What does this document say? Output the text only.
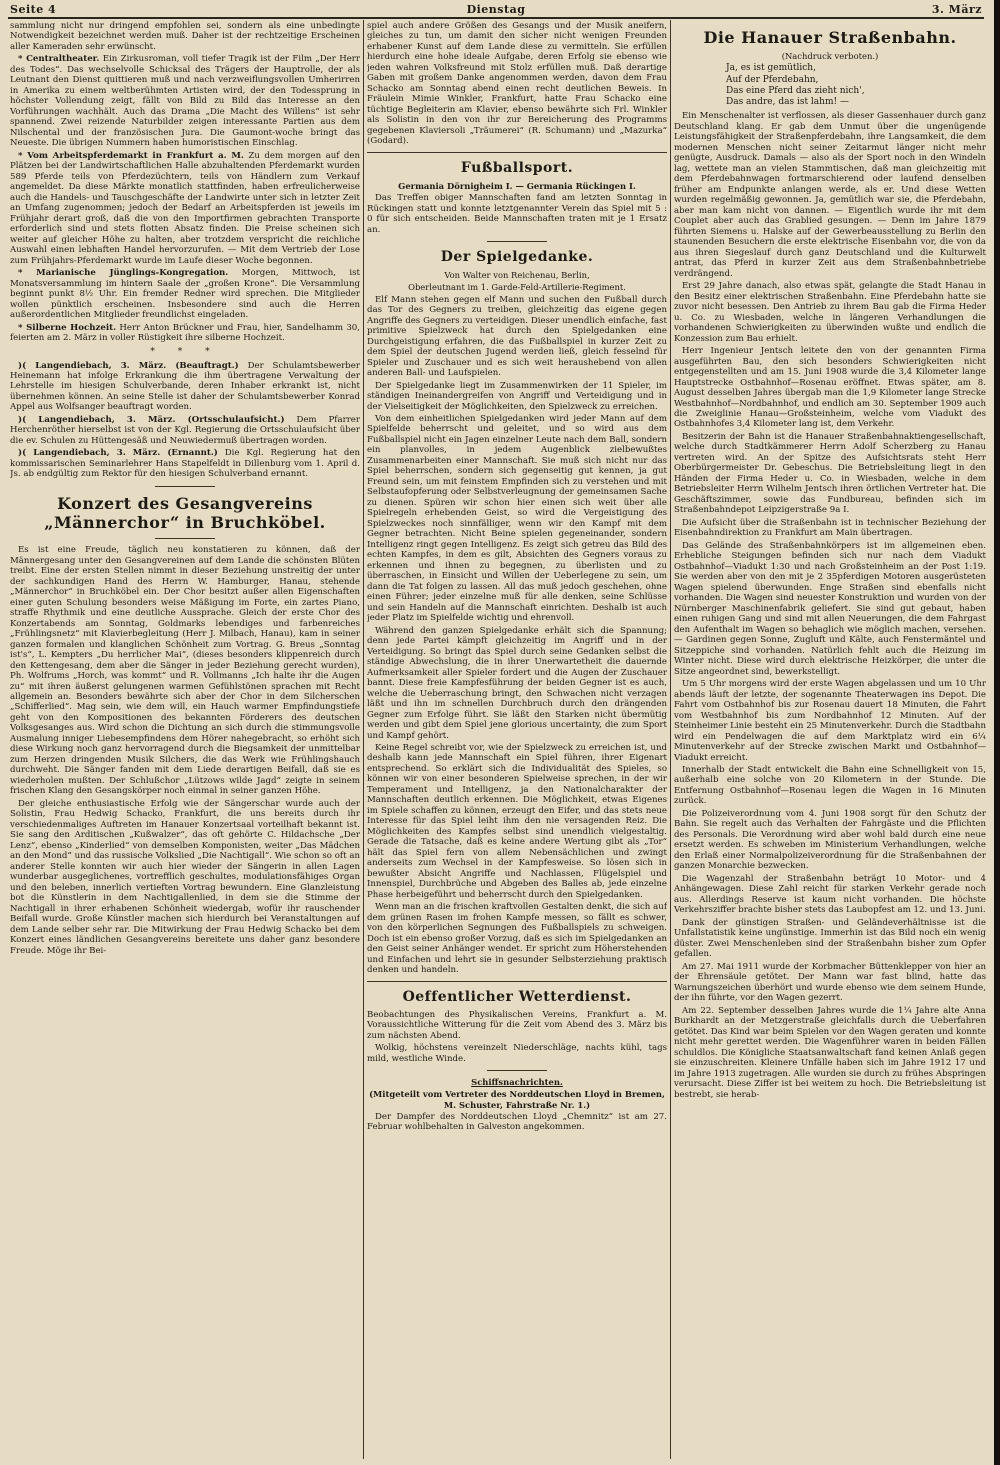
Seite 4	Dienstag	3. März

sammlung nicht nur dringend empfohlen sei, sondern als eine unbedingte Notwendigkeit bezeichnet werden muß. Daher ist der rechtzeitige Erscheinen aller Kameraden sehr erwünscht.

* Centraltheater. Ein Zirkusroman, voll tiefer Tragik ist der Film „Der Herr des Todes“. Das wechselvolle Schicksal des Trägers der Hauptrolle, der als Leutnant den Dienst quittieren muß und nach verzweiflungsvollen Umherirren in Amerika zu einem weltberühmten Artisten wird, der den Todessprung in höchster Vollendung zeigt, fällt von Bild zu Bild das Interesse an den Vorführungen wachhält. Auch das Drama „Die Macht des Willens“ ist sehr spannend. Zwei reizende Naturbilder zeigen interessante Partien aus dem Nilschental und der französischen Jura. Die Gaumont-woche bringt das Neueste. Die übrigen Nummern haben humoristischen Einschlag.

* Vom Arbeitspferdemarkt in Frankfurt a. M. Zu dem morgen auf den Plätzen bei der Landwirtschaftlichen Halle abzuhaltenden Pferdemarkt wurden 589 Pferde teils von Pferdezüchtern, teils von Händlern zum Verkauf angemeldet. Da diese Märkte monatlich stattfinden, haben erfreulicherweise auch die Handels- und Tauschgeschäfte der Landwirte unter sich in letzter Zeit an Umfang zugenommen; jedoch der Bedarf an Arbeitspferden ist jeweils im Frühjahr derart groß, daß die von den Importfirmen gebrachten Transporte erforderlich sind und stets flotten Absatz finden. Die Preise scheinen sich weiter auf gleicher Höhe zu halten, aber trotzdem verspricht die reichliche Auswahl einen lebhaften Handel hervorzurufen. — Mit dem Vertrieb der Lose zum Frühjahrs-Pferdemarkt wurde im Laufe dieser Woche begonnen.

* Marianische Jünglings-Kongregation. Morgen, Mittwoch, ist Monatsversammlung im hintern Saale der „großen Krone“. Die Versammlung beginnt punkt 8½ Uhr. Ein fremder Redner wird sprechen. Die Mitglieder wollen pünktlich erscheinen. Insbesondere sind auch die Herren außerordentlichen Mitglieder freundlichst eingeladen.

* Silberne Hochzeit. Herr Anton Brückner und Frau, hier, Sandelhamm 30, feierten am 2. März in voller Rüstigkeit ihre silberne Hochzeit.

* * *

)( Langendiebach, 3. März. (Beauftragt.) Der Schulamtsbewerber Heinemann hat infolge Erkrankung die ihm übertragene Verwaltung der Lehrstelle im hiesigen Schulverbande, deren Inhaber erkrankt ist, nicht übernehmen können. An seine Stelle ist daher der Schulamtsbewerber Konrad Appel aus Wolfsanger beauftragt worden.

)( Langendiebach, 3. März. (Ortsschulaufsicht.) Dem Pfarrer Herchenröther hierselbst ist von der Kgl. Regierung die Ortsschulaufsicht über die ev. Schulen zu Hüttengesäß und Neuwiedermuß übertragen worden.

)( Langendiebach, 3. März. (Ernannt.) Die Kgl. Regierung hat den kommissarischen Seminarlehrer Hans Stapelfeldt in Dillenburg vom 1. April d. Js. ab endgültig zum Rektor für den hiesigen Schulverband ernannt.

Konzert des Gesangvereins „Männerchor“ in Bruchköbel.

Es ist eine Freude, täglich neu konstatieren zu können, daß der Männergesang unter den Gesangvereinen auf dem Lande die schönsten Blüten treibt. Eine der ersten Stellen nimmt in dieser Beziehung unstreitig der unter der sachkundigen Hand des Herrn W. Hamburger, Hanau, stehende „Männerchor“ in Bruchköbel ein. Der Chor besitzt außer allen Eigenschaften einer guten Schulung besonders weise Mäßigung im Forte, ein zartes Piano, straffe Rhythmik und eine deutliche Aussprache. Gleich der erste Chor des Konzertabends am Sonntag, Goldmarks lebendiges und farbenreiches „Frühlingsnetz“ mit Klavierbegleitung (Herr J. Milbach, Hanau), kam in seiner ganzen formalen und klanglichen Schönheit zum Vortrag. G. Breus „Sonntag ist's“, L. Kempters „Du herrlicher Mai“, (dieses besonders klippenreich durch den Kettengesang, dem aber die Sänger in jeder Beziehung gerecht wurden), Ph. Wolfrums „Horch, was kommt“ und R. Vollmanns „Ich halte ihr die Augen zu“ mit ihren äußerst gelungenen warmen Gefühlstönen sprachen mit Recht allgemein an. Besonders bewährte sich aber der Chor in dem Silcherschen „Schifferlied“. Mag sein, wie dem will, ein Hauch warmer Empfindungstiefe geht von den Kompositionen des bekannten Förderers des deutschen Volksgesanges aus. Wird schon die Dichtung an sich durch die stimmungsvolle Ausmalung inniger Liebesempfindens dem Hörer nahegebracht, so erhöht sich diese Wirkung noch ganz hervorragend durch die Biegsamkeit der unmittelbar zum Herzen dringenden Musik Silchers, die das Werk wie Frühlingshauch durchweht. Die Sänger fanden mit dem Liede derartigen Beifall, daß sie es wiederholen mußten. Der Schlußchor „Lützows wilde Jagd“ zeigte in seinem frischen Klang den Gesangskörper noch einmal in seiner ganzen Höhe.

Der gleiche enthusiastische Erfolg wie der Sängerschar wurde auch der Solistin, Frau Hedwig Schacko, Frankfurt, die uns bereits durch ihr verschiedenmaliges Auftreten im Hanauer Konzertsaal vorteilhaft bekannt ist. Sie sang den Arditischen „Kußwalzer“, das oft gehörte C. Hildachsche „Der Lenz“, ebenso „Kinderlied“ von demselben Komponisten, weiter „Das Mädchen an den Mond“ und das russische Volkslied „Die Nachtigall“. Wie schon so oft an anderer Stelle konnten wir auch hier wieder der Sängerin in allen Lagen wunderbar ausgeglichenes, vortrefflich geschultes, modulationsfähiges Organ und den beleben, innerlich vertieften Vortrag bewundern. Eine Glanzleistung bot die Künstlerin in dem Nachtigallenlied, in dem sie die Stimme der Nachtigall in ihrer erhabenen Schönheit wiedergab, wofür ihr rauschender Beifall wurde. Große Künstler machen sich hierdurch bei Veranstaltungen auf dem Lande selber sehr rar. Die Mitwirkung der Frau Hedwig Schacko bei dem Konzert eines ländlichen Gesangvereins bereitete uns daher ganz besondere Freude. Möge ihr Bei-

spiel auch andere Größen des Gesangs und der Musik aneifern, gleiches zu tun, um damit den sicher nicht wenigen Freunden erhabener Kunst auf dem Lande diese zu vermitteln. Sie erfüllen hierdurch eine hohe ideale Aufgabe, deren Erfolg sie ebenso wie jeden wahren Volksfreund mit Stolz erfüllen muß. Daß derartige Gaben mit großem Danke angenommen werden, davon dem Frau Schacko am Sonntag abend einen recht deutlichen Beweis. In Fräulein Mimie Winkler, Frankfurt, hatte Frau Schacko eine tüchtige Begleiterin am Klavier, ebenso bewährte sich Frl. Winkler als Solistin in den von ihr zur Bereicherung des Programms gegebenen Klaviersoli „Träumerei“ (R. Schumann) und „Mazurka“ (Godard).

Fußballsport.
Germania Dörnigheim I. — Germania Rückingen I.

Das Treffen obiger Mannschaften fand am letzten Sonntag in Rückingen statt und konnte letztgenannter Verein das Spiel mit 5 : 0 für sich entscheiden. Beide Mannschaften traten mit je 1 Ersatz an.

Der Spielgedanke.
Von Walter von Reichenau, Berlin,
Oberleutnant im 1. Garde-Feld-Artillerie-Regiment.

Elf Mann stehen gegen elf Mann und suchen den Fußball durch das Tor des Gegners zu treiben, gleichzeitig das eigene gegen Angriffe des Gegners zu verteidigen. Dieser unendlich einfache, fast primitive Spielzweck hat durch den Spielgedanken eine Durchgeistigung erfahren, die das Fußballspiel in kurzer Zeit zu dem Spiel der deutschen Jugend werden ließ, gleich fesselnd für Spieler und Zuschauer und es sich weit heraushebend von allen anderen Ball- und Laufspielen.

Der Spielgedanke liegt im Zusammenwirken der 11 Spieler, im ständigen Ineinandergreifen von Angriff und Verteidigung und in der Vielseitigkeit der Möglichkeiten, den Spielzweck zu erreichen.

Von dem einheitlichen Spielgedanken wird jeder Mann auf dem Spielfelde beherrscht und geleitet, und so wird aus dem Fußballspiel nicht ein Jagen einzelner Leute nach dem Ball, sondern ein planvolles, in jedem Augenblick zielbewußtes Zusammenarbeiten einer Mannschaft. Sie muß sich nicht nur das Spiel beherrschen, sondern sich gegenseitig gut kennen, ja gut Freund sein, um mit feinstem Empfinden sich zu verstehen und mit Selbstaufopferung oder Selbstverleugnung der gemeinsamen Sache zu dienen. Spüren wir schon hier einen sich weit über alle Spielregeln erhebenden Geist, so wird die Vergeistigung des Spielzweckes noch sinnfälliger, wenn wir den Kampf mit dem Gegner betrachten. Nicht Beine spielen gegeneinander, sondern Intelligenz ringt gegen Intelligenz. Es zeigt sich getreu das Bild des echten Kampfes, in dem es gilt, Absichten des Gegners voraus zu erkennen und ihnen zu begegnen, zu überlisten und zu überraschen, in Einsicht und Willen der Ueberlegene zu sein, um dann die Tat folgen zu lassen. All das muß jedoch geschehen, ohne einen Führer; jeder einzelne muß für alle denken, seine Schlüsse und sein Handeln auf die Mannschaft einrichten. Deshalb ist auch jeder Platz im Spielfelde wichtig und ehrenvoll.

Während den ganzen Spielgedanke erhält sich die Spannung; denn jede Partei kämpft gleichzeitig im Angriff und in der Verteidigung. So bringt das Spiel durch seine Gedanken selbst die ständige Abwechslung, die in ihrer Unerwartetheit die dauernde Aufmerksamkeit aller Spieler fordert und die Augen der Zuschauer bannt. Diese freie Kampfesführung der beiden Gegner ist es auch, welche die Ueberraschung bringt, den Schwachen nicht verzagen läßt und ihn im schnellen Durchbruch durch den drängenden Gegner zum Erfolge führt. Sie läßt den Starken nicht übermütig werden und gibt dem Spiel jene glorious uncertainty, die zum Sport und Kampf gehört.

Keine Regel schreibt vor, wie der Spielzweck zu erreichen ist, und deshalb kann jede Mannschaft ein Spiel führen, ihrer Eigenart entsprechend. So erklärt sich die Individualität des Spieles, so können wir von einer besonderen Spielweise sprechen, in der wir Temperament und Intelligenz, ja den Nationalcharakter der Mannschaften deutlich erkennen. Die Möglichkeit, etwas Eigenes im Spiele schaffen zu können, erzeugt den Eifer, und das stets neue Interesse für das Spiel leiht ihm den nie versagenden Reiz. Die Möglichkeiten des Kampfes selbst sind unendlich vielgestaltig. Gerade die Tatsache, daß es keine andere Wertung gibt als „Tor“ hält das Spiel fern von allem Nebensächlichen und zwingt anderseits zum Wechsel in der Kampfesweise. So lösen sich in bewußter Absicht Angriffe und Nachlassen, Flügelspiel und Innenspiel, Durchbrüche und Abgeben des Balles ab, jede einzelne Phase herbeigeführt und beherrscht durch den Spielgedanken.

Wenn man an die frischen kraftvollen Gestalten denkt, die sich auf dem grünen Rasen im frohen Kampfe messen, so fällt es schwer, von den körperlichen Segnungen des Fußballspiels zu schweigen. Doch ist ein ebenso großer Vorzug, daß es sich im Spielgedanken an den Geist seiner Anhänger wendet. Er spricht zum Höherstehenden und Einfachen und lehrt sie in gesunder Selbsterziehung praktisch denken und handeln.

Oeffentlicher Wetterdienst.

Beobachtungen des Physikalischen Vereins, Frankfurt a. M. Voraussichtliche Witterung für die Zeit vom Abend des 3. März bis zum nächsten Abend.

Wolkig, höchstens vereinzelt Niederschläge, nachts kühl, tags mild, westliche Winde.

Schiffsnachrichten.
(Mitgeteilt vom Vertreter des Norddeutschen Lloyd in Bremen, M. Schuster, Fahrstraße Nr. 1.)

Der Dampfer des Norddeutschen Lloyd „Chemnitz“ ist am 27. Februar wohlbehalten in Galveston angekommen.

Die Hanauer Straßenbahn.
(Nachdruck verboten.)
Ja, es ist gemütlich,
Auf der Pferdebahn,
Das eine Pferd das zieht nich',
Das andre, das ist lahm! —

Ein Menschenalter ist verflossen, als dieser Gassenhauer durch ganz Deutschland klang. Er gab dem Unmut über die ungenügende Leistungsfähigkeit der Straßenpferdebahn, ihre Langsamkeit, die dem modernen Menschen nicht seiner Zeitarmut länger nicht mehr genügte, Ausdruck. Damals — also als der Sport noch in den Windeln lag, wettete man an vielen Stammtischen, daß man gleichzeitig mit dem Pferdebahnwagen fortmarschierend oder laufend denselben früher am Endpunkte anlangen werde, als er. Und diese Wetten wurden regelmäßig gewonnen. Ja, gemütlich war sie, die Pferdebahn, aber man kam nicht von dannen. — Eigentlich wurde ihr mit dem Couplet aber auch das Grablied gesungen. — Denn im Jahre 1879 führten Siemens u. Halske auf der Gewerbeausstellung zu Berlin den staunenden Besuchern die erste elektrische Eisenbahn vor, die von da aus ihren Siegeslauf durch ganz Deutschland und die Kulturwelt antrat, das Pferd in kurzer Zeit aus dem Straßenbahnbetriebe verdrängend.

Erst 29 Jahre danach, also etwas spät, gelangte die Stadt Hanau in den Besitz einer elektrischen Straßenbahn. Eine Pferdebahn hatte sie zuvor nicht besessen. Den Antrieb zu ihrem Bau gab die Firma Heder u. Co. zu Wiesbaden, welche in längeren Verhandlungen die vorhandenen Schwierigkeiten zu überwinden wußte und endlich die Konzession zum Bau erhielt.

Herr Ingenieur Jentsch leitete den von der genannten Firma ausgeführten Bau, den sich besonders Schwierigkeiten nicht entgegenstellten und am 15. Juni 1908 wurde die 3,4 Kilometer lange Hauptstrecke Ostbahnhof—Rosenau eröffnet. Etwas später, am 8. August desselben Jahres übergab man die 1,9 Kilometer lange Strecke Westbahnhof—Nordbahnhof, und endlich am 30. September 1909 auch die Zweiglinie Hanau—Großsteinheim, welche vom Viadukt des Ostbahnhofes 3,4 Kilometer lang ist, dem Verkehr.

Besitzerin der Bahn ist die Hanauer Straßenbahnaktiengesellschaft, welche durch Stadtkämmerer Herrn Adolf Scherzberg zu Hanau vertreten wird. An der Spitze des Aufsichtsrats steht Herr Oberbürgermeister Dr. Gebeschus. Die Betriebsleitung liegt in den Händen der Firma Heder u. Co. in Wiesbaden, welche in dem Betriebsleiter Herrn Wilhelm Jentsch ihren örtlichen Vertreter hat. Die Geschäftszimmer, sowie das Fundbureau, befinden sich im Straßenbahndepot Leipzigerstraße 9a I.

Die Aufsicht über die Straßenbahn ist in technischer Beziehung der Eisenbahndirektion zu Frankfurt am Main übertragen.

Das Gelände des Straßenbahnkörpers ist im allgemeinen eben. Erhebliche Steigungen befinden sich nur nach dem Viadukt Ostbahnhof—Viadukt 1:30 und nach Großsteinheim an der Post 1:19. Sie werden aber von den mit je 2 35pferdigen Motoren ausgerüsteten Wagen spielend überwunden. Enge Straßen sind ebenfalls nicht vorhanden. Die Wagen sind neuester Konstruktion und wurden von der Nürnberger Maschinenfabrik geliefert. Sie sind gut gebaut, haben einen ruhigen Gang und sind mit allen Neuerungen, die dem Fahrgast den Aufenthalt im Wagen so behaglich wie möglich machen, versehen. — Gardinen gegen Sonne, Zugluft und Kälte, auch Fenstermäntel und Sitzeppiche sind vorhanden. Natürlich fehlt auch die Heizung im Winter nicht. Diese wird durch elektrische Heizkörper, die unter die Sitze angeordnet sind, bewerkstelligt.

Um 5 Uhr morgens wird der erste Wagen abgelassen und um 10 Uhr abends läuft der letzte, der sogenannte Theaterwagen ins Depot. Die Fahrt vom Ostbahnhof bis zur Rosenau dauert 18 Minuten, die Fahrt vom Westbahnhof bis zum Nordbahnhof 12 Minuten. Auf der Steinheimer Linie besteht ein 25 Minutenverkehr. Durch die Stadtbahn wird ein Pendelwagen die auf dem Marktplatz wird ein 6¼ Minutenverkehr auf der Strecke zwischen Markt und Ostbahnhof—Viadukt erreicht.

Innerhalb der Stadt entwickelt die Bahn eine Schnelligkeit von 15, außerhalb eine solche von 20 Kilometern in der Stunde. Die Entfernung Ostbahnhof—Rosenau legen die Wagen in 16 Minuten zurück.

Die Polizeiverordnung vom 4. Juni 1908 sorgt für den Schutz der Bahn. Sie regelt auch das Verhalten der Fahrgäste und die Pflichten des Personals. Die Verordnung wird aber wohl bald durch eine neue ersetzt werden. Es schweben im Ministerium Verhandlungen, welche den Erlaß einer Normalpolizeiverordnung für die Straßenbahnen der ganzen Monarchie bezwecken.

Die Wagenzahl der Straßenbahn beträgt 10 Motor- und 4 Anhängewagen. Diese Zahl reicht für starken Verkehr gerade noch aus. Allerdings Reserve ist kaum nicht vorhanden. Die höchste Verkehrsziffer brachte bisher stets das Laubopfest am 12. und 13. Juni.

Dank der günstigen Straßen- und Geländeverhältnisse ist die Unfallstatistik keine ungünstige. Immerhin ist das Bild noch ein wenig düster. Zwei Menschenleben sind der Straßenbahn bisher zum Opfer gefallen.

Am 27. Mai 1911 wurde der Korbmacher Büttenklepper von hier an der Ehrensäule getötet. Der Mann war fast blind, hatte das Warnungszeichen überhört und wurde ebenso wie dem seinem Hunde, der ihn führte, vor den Wagen gezerrt.

Am 22. September desselben Jahres wurde die 1¼ Jahre alte Anna Burkhardt an der Metzgerstraße gleichfalls durch die Ueberfahren getötet. Das Kind war beim Spielen vor den Wagen geraten und konnte nicht mehr gerettet werden. Die Wagenführer waren in beiden Fällen schuldlos. Die Königliche Staatsanwaltschaft fand keinen Anlaß gegen sie einzuschreiten. Kleinere Unfälle haben sich im Jahre 1912 17 und im Jahre 1913 zugetragen. Alle wurden sie durch zu frühes Abspringen verursacht. Diese Ziffer ist bei weitem zu hoch. Die Betriebsleitung ist bestrebt, sie herab-
